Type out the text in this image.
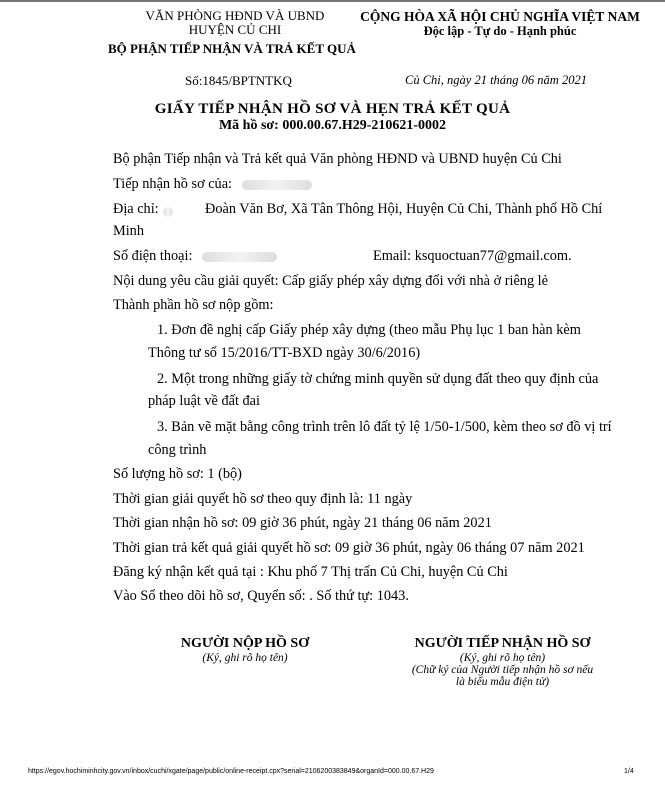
VĂN PHÒNG HĐND VÀ UBND
HUYỆN CỦ CHI
BỘ PHẬN TIẾP NHẬN VÀ TRẢ KẾT QUẢ
CỘNG HÒA XÃ HỘI CHỦ NGHĨA VIỆT NAM
Độc lập - Tự do - Hạnh phúc
Số:1845/BPTNTKQ	Củ Chi, ngày 21 tháng 06 năm 2021
GIẤY TIẾP NHẬN HỒ SƠ VÀ HẸN TRẢ KẾT QUẢ
Mã hồ sơ: 000.00.67.H29-210621-0002
Bộ phận Tiếp nhận và Trả kết quả Văn phòng HĐND và UBND huyện Củ Chi
Tiếp nhận hồ sơ của:
Địa chỉ:	Đoàn Văn Bơ, Xã Tân Thông Hội, Huyện Củ Chi, Thành phố Hồ Chí
Minh
Số điện thoại:	Email: ksquoctuan77@gmail.com.
Nội dung yêu cầu giải quyết: Cấp giấy phép xây dựng đối với nhà ở riêng lẻ
Thành phần hồ sơ nộp gồm:
1. Đơn đề nghị cấp Giấy phép xây dựng (theo mẫu Phụ lục 1 ban hàn kèm
Thông tư số 15/2016/TT-BXD ngày 30/6/2016)
2. Một trong những giấy tờ chứng minh quyền sử dụng đất theo quy định của
pháp luật về đất đai
3. Bản vẽ mặt bằng công trình trên lô đất tỷ lệ 1/50-1/500, kèm theo sơ đồ vị trí
công trình
Số lượng hồ sơ: 1 (bộ)
Thời gian giải quyết hồ sơ theo quy định là: 11 ngày
Thời gian nhận hồ sơ: 09 giờ 36 phút, ngày 21 tháng 06 năm 2021
Thời gian trả kết quả giải quyết hồ sơ: 09 giờ 36 phút, ngày 06 tháng 07 năm 2021
Đăng ký nhận kết quả tại : Khu phố 7 Thị trấn Củ Chi, huyện Củ Chi
Vào Sổ theo dõi hồ sơ, Quyển số: . Số thứ tự: 1043.
NGƯỜI NỘP HỒ SƠ
(Ký, ghi rõ họ tên)
NGƯỜI TIẾP NHẬN HỒ SƠ
(Ký, ghi rõ họ tên)
(Chữ ký của Người tiếp nhận hồ sơ nếu
là biểu mẫu điện tử)
https://egov.hochiminhcity.gov.vn/inbox/cuchi/xgate/page/public/online-receipt.cpx?serial=2106200383849&organId=000.00.67.H29	1/4
